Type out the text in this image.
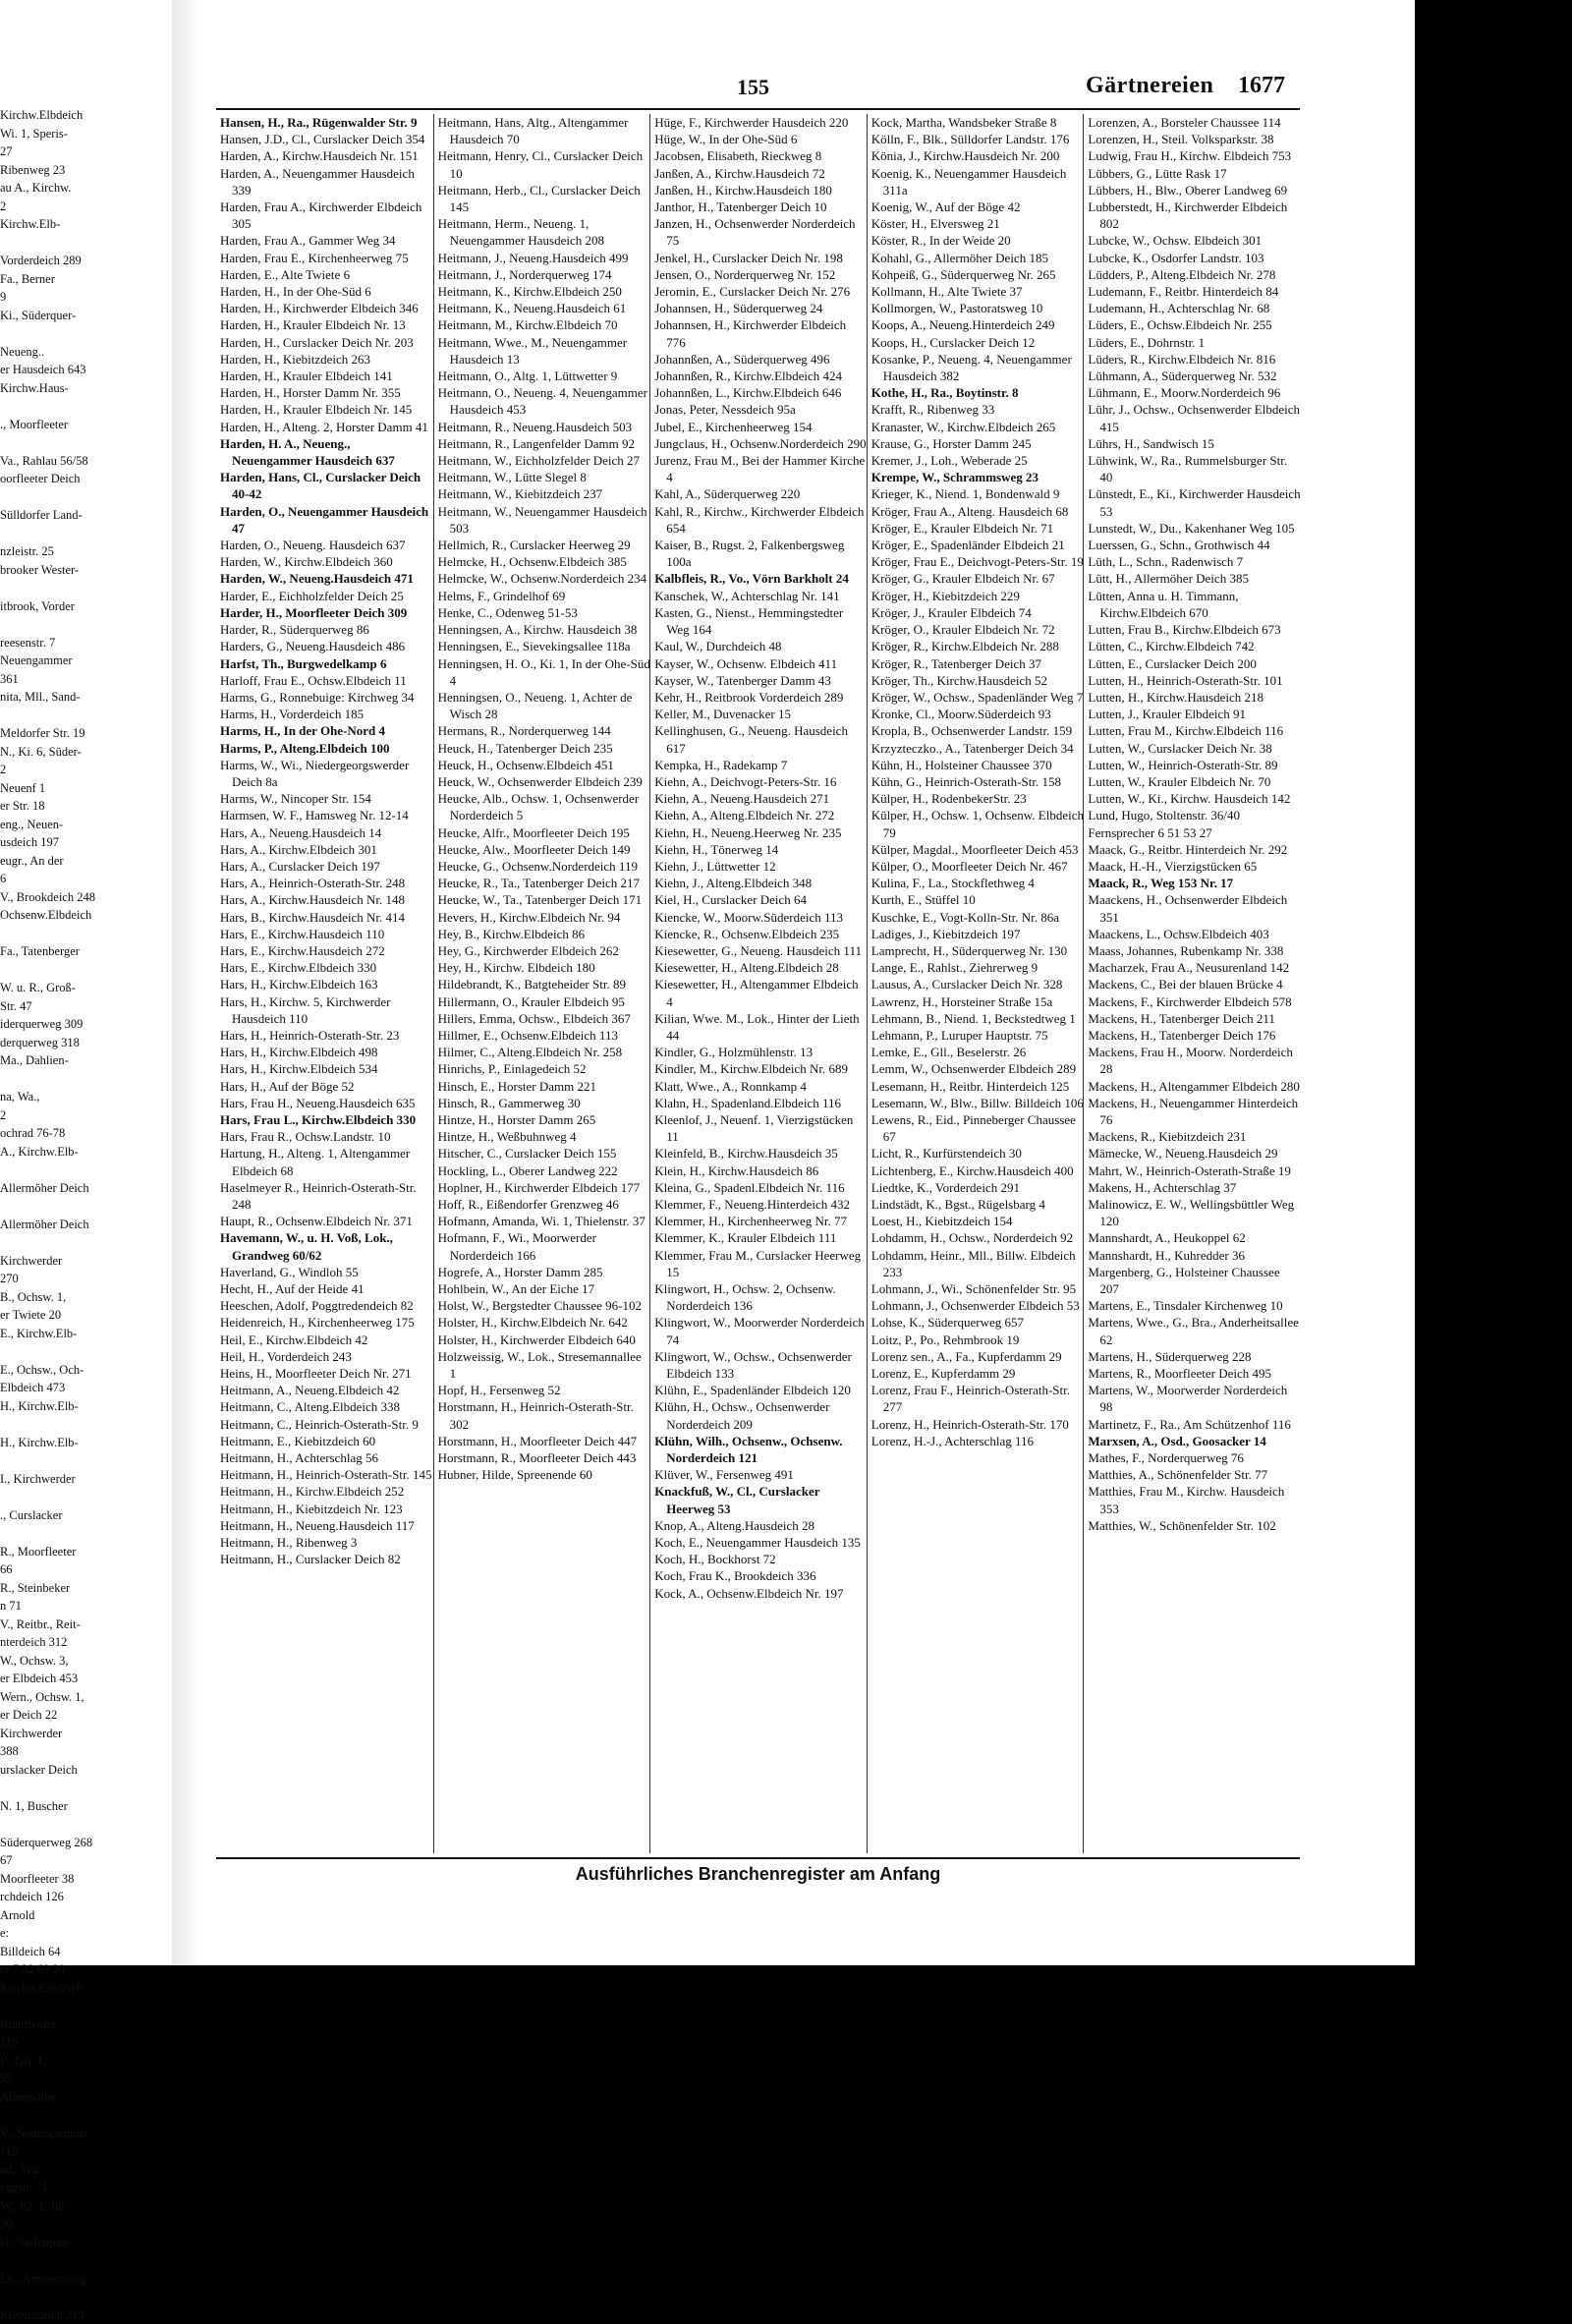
Kirchw.Elbdeich
Wi. 1, Speris-
27
Ribenweg 23
au A., Kirchw.
2
Kirchw.Elb-

Vorderdeich 289
Fa., Berner
9
Ki., Süderquer-

Neueng..
er Hausdeich 643
Kirchw.Haus-

., Moorfleeter

Va., Rahlau 56/58
oorfleeter Deich

Sülldorfer Land-

nzleistr. 25
brooker Wester-

itbrook, Vorder

reesenstr. 7
Neuengammer
361
nita, Mll., Sand-

Meldorfer Str. 19
N., Ki. 6, Süder-
2
Neuenf 1
er Str. 18
eng., Neuen-
usdeich 197
eugr., An der
6
V., Brookdeich 248
Ochsenw.Elbdeich

Fa., Tatenberger

W. u. R., Groß-
Str. 47
iderquerweg 309
derquerweg 318
Ma., Dahlien-

na, Wa.,
2
ochrad 76-78
A., Kirchw.Elb-

Allermöher Deich

Allermöher Deich

Kirchwerder
270
B., Ochsw. 1,
er Twiete 20
E., Kirchw.Elb-

E., Ochsw., Och-
Elbdeich 473
H., Kirchw.Elb-

H., Kirchw.Elb-

I., Kirchwerder

., Curslacker

R., Moorfleeter
66
R., Steinbeker
n 71
V., Reitbr., Reit-
nterdeich 312
W., Ochsw. 3,
er Elbdeich 453
Wern., Ochsw. 1,
er Deich 22
Kirchwerder
388
urslacker Deich

N. 1, Buscher

Süderquerweg 268
67
Moorfleeter 38
rchdeich 126
Arnold
e:
Billdeich 64
er 7 32 69 20
Kirchw.Elbdeich

Bramfelder
119
P., Gll. 1,
55
Allermöher

V., Neuengammer
115
ud., Wa.,
eggstr. 71
W., Ki. 1, Jüt-
30
H., Süderquer-

Lu., Ammernweg

Kiebitzdeich 213
155	Gärtnereien 1677
Hansen, H., Ra., Rügenwalder Str. 9
Hansen, J.D., Cl., Curslacker Deich 354
Harden, A., Kirchw.Hausdeich Nr. 151
Harden, A., Neuengammer Hausdeich 339
Harden, Frau A., Kirchwerder Elbdeich 305
Harden, Frau A., Gammer Weg 34
Harden, Frau E., Kirchenheerweg 75
Harden, E., Alte Twiete 6
Harden, H., In der Ohe-Süd 6
Harden, H., Kirchwerder Elbdeich 346
Harden, H., Krauler Elbdeich Nr. 13
Harden, H., Curslacker Deich Nr. 203
Harden, H., Kiebitzdeich 263
Harden, H., Krauler Elbdeich 141
Harden, H., Horster Damm Nr. 355
Harden, H., Krauler Elbdeich Nr. 145
Harden, H., Alteng. 2, Horster Damm 41
Harden, H. A., Neueng., Neuengammer Hausdeich 637
Harden, Hans, Cl., Curslacker Deich 40-42
Harden, O., Neuengammer Hausdeich 47
Harden, O., Neueng. Hausdeich 637
Harden, W., Kirchw.Elbdeich 360
Harden, W., Neueng.Hausdeich 471
Harder, E., Eichholzfelder Deich 25
Harder, H., Moorfleeter Deich 309
Harder, R., Süderquerweg 86
Harders, G., Neueng.Hausdeich 486
Harfst, Th., Burgwedelkamp 6
Harloff, Frau E., Ochsw.Elbdeich 11
Harms, G., Ronnebuige: Kirchweg 34
Harms, H., Vorderdeich 185
Harms, H., In der Ohe-Nord 4
Harms, P., Alteng.Elbdeich 100
Harms, W., Wi., Niedergeorgswerder Deich 8a
Harms, W., Nincoper Str. 154
Harmsen, W. F., Hamsweg Nr. 12-14
Hars, A., Neueng.Hausdeich 14
Hars, A., Kirchw.Elbdeich 301
Hars, A., Curslacker Deich 197
Hars, A., Heinrich-Osterath-Str. 248
Hars, A., Kirchw.Hausdeich Nr. 148
Hars, B., Kirchw.Hausdeich Nr. 414
Hars, E., Kirchw.Hausdeich 110
Hars, E., Kirchw.Hausdeich 272
Hars, E., Kirchw.Elbdeich 330
Hars, H., Kirchw.Elbdeich 163
Hars, H., Kirchw. 5, Kirchwerder Hausdeich 110
Hars, H., Heinrich-Osterath-Str. 23
Hars, H., Kirchw.Elbdeich 498
Hars, H., Kirchw.Elbdeich 534
Hars, H., Auf der Böge 52
Hars, Frau H., Neueng.Hausdeich 635
Hars, Frau L., Kirchw.Elbdeich 330
Hars, Frau R., Ochsw.Landstr. 10
Hartung, H., Alteng. 1, Altengammer Elbdeich 68
Haselmeyer R., Heinrich-Osterath-Str. 248
Haupt, R., Ochsenw.Elbdeich Nr. 371
Havemann, W., u. H. Voß, Lok., Grandweg 60/62
Haverland, G., Windloh 55
Hecht, H., Auf der Heide 41
Heeschen, Adolf, Poggtredendeich 82
Heidenreich, H., Kirchenheerweg 175
Heil, E., Kirchw.Elbdeich 42
Heil, H., Vorderdeich 243
Heins, H., Moorfleeter Deich Nr. 271
Heitmann, A., Neueng.Elbdeich 42
Heitmann, C., Alteng.Elbdeich 338
Heitmann, C., Heinrich-Osterath-Str. 9
Heitmann, E., Kiebitzdeich 60
Heitmann, H., Achterschlag 56
Heitmann, H., Heinrich-Osterath-Str. 145
Heitmann, H., Kirchw.Elbdeich 252
Heitmann, H., Kiebitzdeich Nr. 123
Heitmann, H., Neueng.Hausdeich 117
Heitmann, H., Ribenweg 3
Heitmann, H., Curslacker Deich 82
Heitmann, Hans, Altg., Altengammer Hausdeich 70
Heitmann, Henry, Cl., Curslacker Deich 10
Heitmann, Herb., Cl., Curslacker Deich 145
Heitmann, Herm., Neueng. 1, Neuengammer Hausdeich 208
Heitmann, J., Neueng.Hausdeich 499
Heitmann, J., Norderquerweg 174
Heitmann, K., Kirchw.Elbdeich 250
Heitmann, K., Neueng.Hausdeich 61
Heitmann, M., Kirchw.Elbdeich 70
Heitmann, Wwe., M., Neuengammer Hausdeich 13
Heitmann, O., Altg. 1, Lüttwetter 9
Heitmann, O., Neueng. 4, Neuengammer Hausdeich 453
Heitmann, R., Neueng.Hausdeich 503
Heitmann, R., Langenfelder Damm 92
Heitmann, W., Eichholzfelder Deich 27
Heitmann, W., Lütte Slegel 8
Heitmann, W., Kiebitzdeich 237
Heitmann, W., Neuengammer Hausdeich 503
Hellmich, R., Curslacker Heerweg 29
Helmcke, H., Ochsenw.Elbdeich 385
Helmcke, W., Ochsenw.Norderdeich 234
Helms, F., Grindelhof 69
Henke, C., Odenweg 51-53
Henningsen, A., Kirchw. Hausdeich 38
Henningsen, E., Sievekingsallee 118a
Henningsen, H. O., Ki. 1, In der Ohe-Süd 4
Henningsen, O., Neueng. 1, Achter de Wisch 28
Hermans, R., Norderquerweg 144
Heuck, H., Tatenberger Deich 235
Heuck, H., Ochsenw.Elbdeich 451
Heuck, W., Ochsenwerder Elbdeich 239
Heucke, Alb., Ochsw. 1, Ochsenwerder Norderdeich 5
Heucke, Alfr., Moorfleeter Deich 195
Heucke, Alw., Moorfleeter Deich 149
Heucke, G., Ochsenw.Norderdeich 119
Heucke, R., Ta., Tatenberger Deich 217
Heucke, W., Ta., Tatenberger Deich 171
Hevers, H., Kirchw.Elbdeich Nr. 94
Hey, B., Kirchw.Elbdeich 86
Hey, G., Kirchwerder Elbdeich 262
Hey, H., Kirchw. Elbdeich 180
Hildebrandt, K., Batgteheider Str. 89
Hillermann, O., Krauler Elbdeich 95
Hillers, Emma, Ochsw., Elbdeich 367
Hillmer, E., Ochsenw.Elbdeich 113
Hilmer, C., Alteng.Elbdeich Nr. 258
Hinrichs, P., Einlagedeich 52
Hinsch, E., Horster Damm 221
Hinsch, R., Gammerweg 30
Hintze, H., Horster Damm 265
Hintze, H., Weßbuhnweg 4
Hitscher, C., Curslacker Deich 155
Hockling, L., Oberer Landweg 222
Hoplner, H., Kirchwerder Elbdeich 177
Hoff, R., Eißendorfer Grenzweg 46
Hofmann, Amanda, Wi. 1, Thielenstr. 37
Hofmann, F., Wi., Moorwerder Norderdeich 166
Hogrefe, A., Horster Damm 285
Hohlbein, W., An der Eiche 17
Holst, W., Bergstedter Chaussee 96-102
Holster, H., Kirchw.Elbdeich Nr. 642
Holster, H., Kirchwerder Elbdeich 640
Holzweissig, W., Lok., Stresemannallee 1
Hopf, H., Fersenweg 52
Horstmann, H., Heinrich-Osterath-Str. 302
Horstmann, H., Moorfleeter Deich 447
Horstmann, R., Moorfleeter Deich 443
Hubner, Hilde, Spreenende 60
Hüge, F., Kirchwerder Hausdeich 220
Hüge, W., In der Ohe-Süd 6
Jacobsen, Elisabeth, Rieckweg 8
Janßen, A., Kirchw.Hausdeich 72
Janßen, H., Kirchw.Hausdeich 180
Janthor, H., Tatenberger Deich 10
Janzen, H., Ochsenwerder Norderdeich 75
Jenkel, H., Curslacker Deich Nr. 198
Jensen, O., Norderquerweg Nr. 152
Jeromin, E., Curslacker Deich Nr. 276
Johannsen, H., Süderquerweg 24
Johannsen, H., Kirchwerder Elbdeich 776
Johannßen, A., Süderquerweg 496
Johannßen, R., Kirchw.Elbdeich 424
Johannßen, L., Kirchw.Elbdeich 646
Jonas, Peter, Nessdeich 95a
Jubel, E., Kirchenheerweg 154
Jungclaus, H., Ochsenw.Norderdeich 290
Jurenz, Frau M., Bei der Hammer Kirche 4
Kahl, A., Süderquerweg 220
Kahl, R., Kirchw., Kirchwerder Elbdeich 654
Kaiser, B., Rugst. 2, Falkenbergsweg 100a
Kalbfleis, R., Vo., Vörn Barkholt 24
Kanschek, W., Achterschlag Nr. 141
Kasten, G., Nienst., Hemmingstedter Weg 164
Kaul, W., Durchdeich 48
Kayser, W., Ochsenw. Elbdeich 411
Kayser, W., Tatenberger Damm 43
Kehr, H., Reitbrook Vorderdeich 289
Keller, M., Duvenacker 15
Kellinghusen, G., Neueng. Hausdeich 617
Kempka, H., Radekamp 7
Kiehn, A., Deichvogt-Peters-Str. 16
Kiehn, A., Neueng.Hausdeich 271
Kiehn, A., Alteng.Elbdeich Nr. 272
Kiehn, H., Neueng.Heerweg Nr. 235
Kiehn, H., Tönerweg 14
Kiehn, J., Lüttwetter 12
Kiehn, J., Alteng.Elbdeich 348
Kiel, H., Curslacker Deich 64
Kiencke, W., Moorw.Süderdeich 113
Kiencke, R., Ochsenw.Elbdeich 235
Kiesewetter, G., Neueng. Hausdeich 111
Kiesewetter, H., Alteng.Elbdeich 28
Kiesewetter, H., Altengammer Elbdeich 4
Kilian, Wwe. M., Lok., Hinter der Lieth 44
Kindler, G., Holzmühlenstr. 13
Kindler, M., Kirchw.Elbdeich Nr. 689
Klatt, Wwe., A., Ronnkamp 4
Klahn, H., Spadenland.Elbdeich 116
Kleenlof, J., Neuenf. 1, Vierzigstücken 11
Kleinfeld, B., Kirchw.Hausdeich 35
Klein, H., Kirchw.Hausdeich 86
Kleina, G., Spadenl.Elbdeich Nr. 116
Klemmer, F., Neueng.Hinterdeich 432
Klemmer, H., Kirchenheerweg Nr. 77
Klemmer, K., Krauler Elbdeich 111
Klemmer, Frau M., Curslacker Heerweg 15
Klingwort, H., Ochsw. 2, Ochsenw. Norderdeich 136
Klingwort, W., Moorwerder Norderdeich 74
Klingwort, W., Ochsw., Ochsenwerder Elbdeich 133
Klühn, E., Spadenländer Elbdeich 120
Klühn, H., Ochsw., Ochsenwerder Norderdeich 209
Klühn, Wilh., Ochsenw., Ochsenw. Norderdeich 121
Klüver, W., Fersenweg 491
Knackfuß, W., Cl., Curslacker Heerweg 53
Knop, A., Alteng.Hausdeich 28
Koch, E., Neuengammer Hausdeich 135
Koch, H., Bockhorst 72
Koch, Frau K., Brookdeich 336
Kock, A., Ochsenw.Elbdeich Nr. 197
Kock, Martha, Wandsbeker Straße 8
Kölln, F., Blk., Sülldorfer Landstr. 176
Könia, J., Kirchw.Hausdeich Nr. 200
Koenig, K., Neuengammer Hausdeich 311a
Koenig, W., Auf der Böge 42
Köster, H., Elversweg 21
Köster, R., In der Weide 20
Kohahl, G., Allermöher Deich 185
Kohpeiß, G., Süderquerweg Nr. 265
Kollmann, H., Alte Twiete 37
Kollmorgen, W., Pastoratsweg 10
Koops, A., Neueng.Hinterdeich 249
Koops, H., Curslacker Deich 12
Kosanke, P., Neueng. 4, Neuengammer Hausdeich 382
Kothe, H., Ra., Boytinstr. 8
Krafft, R., Ribenweg 33
Kranaster, W., Kirchw.Elbdeich 265
Krause, G., Horster Damm 245
Kremer, J., Loh., Weberade 25
Krempe, W., Schrammsweg 23
Krieger, K., Niend. 1, Bondenwald 9
Kröger, Frau A., Alteng. Hausdeich 68
Kröger, E., Krauler Elbdeich Nr. 71
Kröger, E., Spadenländer Elbdeich 21
Kröger, Frau E., Deichvogt-Peters-Str. 19
Kröger, G., Krauler Elbdeich Nr. 67
Kröger, H., Kiebitzdeich 229
Kröger, J., Krauler Elbdeich 74
Kröger, O., Krauler Elbdeich Nr. 72
Kröger, R., Kirchw.Elbdeich Nr. 288
Kröger, R., Tatenberger Deich 37
Kröger, Th., Kirchw.Hausdeich 52
Kröger, W., Ochsw., Spadenländer Weg 7
Kronke, Cl., Moorw.Süderdeich 93
Kropla, B., Ochsenwerder Landstr. 159
Krzyzteczko., A., Tatenberger Deich 34
Kühn, H., Holsteiner Chaussee 370
Kühn, G., Heinrich-Osterath-Str. 158
Külper, H., RodenbekerStr. 23
Külper, H., Ochsw. 1, Ochsenw. Elbdeich 79
Külper, Magdal., Moorfleeter Deich 453
Külper, O., Moorfleeter Deich Nr. 467
Kulina, F., La., Stockflethweg 4
Kurth, E., Stüffel 10
Kuschke, E., Vogt-Kolln-Str. Nr. 86a
Ladiges, J., Kiebitzdeich 197
Lamprecht, H., Süderquerweg Nr. 130
Lange, E., Rahlst., Ziehrerweg 9
Lausus, A., Curslacker Deich Nr. 328
Lawrenz, H., Horsteiner Straße 15a
Lehmann, B., Niend. 1, Beckstedtweg 1
Lehmann, P., Luruper Hauptstr. 75
Lemke, E., Gll., Beselerstr. 26
Lemm, W., Ochsenwerder Elbdeich 289
Lesemann, H., Reitbr. Hinterdeich 125
Lesemann, W., Blw., Billw. Billdeich 106
Lewens, R., Eid., Pinneberger Chaussee 67
Licht, R., Kurfürstendeich 30
Lichtenberg, E., Kirchw.Hausdeich 400
Liedtke, K., Vorderdeich 291
Lindstädt, K., Bgst., Rügelsbarg 4
Loest, H., Kiebitzdeich 154
Lohdamm, H., Ochsw., Norderdeich 92
Lohdamm, Heinr., Mll., Billw. Elbdeich 233
Lohmann, J., Wi., Schönenfelder Str. 95
Lohmann, J., Ochsenwerder Elbdeich 53
Lohse, K., Süderquerweg 657
Loitz, P., Po., Rehmbrook 19
Lorenz sen., A., Fa., Kupferdamm 29
Lorenz, E., Kupferdamm 29
Lorenz, Frau F., Heinrich-Osterath-Str. 277
Lorenz, H., Heinrich-Osterath-Str. 170
Lorenz, H.-J., Achterschlag 116
Lorenzen, A., Borsteler Chaussee 114
Lorenzen, H., Steil. Volksparkstr. 38
Ludwig, Frau H., Kirchw. Elbdeich 753
Lübbers, G., Lütte Rask 17
Lübbers, H., Blw., Oberer Landweg 69
Lubberstedt, H., Kirchwerder Elbdeich 802
Lubcke, W., Ochsw. Elbdeich 301
Lubcke, K., Osdorfer Landstr. 103
Lüdders, P., Alteng.Elbdeich Nr. 278
Ludemann, F., Reitbr. Hinterdeich 84
Ludemann, H., Achterschlag Nr. 68
Lüders, E., Ochsw.Elbdeich Nr. 255
Lüders, E., Dohrnstr. 1
Lüders, R., Kirchw.Elbdeich Nr. 816
Lühmann, A., Süderquerweg Nr. 532
Lühmann, E., Moorw.Norderdeich 96
Lühr, J., Ochsw., Ochsenwerder Elbdeich 415
Lührs, H., Sandwisch 15
Lühwink, W., Ra., Rummelsburger Str. 40
Lünstedt, E., Ki., Kirchwerder Hausdeich 53
Lunstedt, W., Du., Kakenhaner Weg 105
Luerssen, G., Schn., Grothwisch 44
Lüth, L., Schn., Radenwisch 7
Lütt, H., Allermöher Deich 385
Lütten, Anna u. H. Timmann, Kirchw.Elbdeich 670
Lutten, Frau B., Kirchw.Elbdeich 673
Lütten, C., Kirchw.Elbdeich 742
Lütten, E., Curslacker Deich 200
Lutten, H., Heinrich-Osterath-Str. 101
Lutten, H., Kirchw.Hausdeich 218
Lutten, J., Krauler Elbdeich 91
Lutten, Frau M., Kirchw.Elbdeich 116
Lutten, W., Curslacker Deich Nr. 38
Lutten, W., Heinrich-Osterath-Str. 89
Lutten, W., Krauler Elbdeich Nr. 70
Lutten, W., Ki., Kirchw. Hausdeich 142
Lund, Hugo, Stoltenstr. 36/40
Fernsprecher 6 51 53 27
Maack, G., Reitbr. Hinterdeich Nr. 292
Maack, H.-H., Vierzigstücken 65
Maack, R., Weg 153 Nr. 17
Maackens, H., Ochsenwerder Elbdeich 351
Maackens, L., Ochsw.Elbdeich 403
Maass, Johannes, Rubenkamp Nr. 338
Macharzek, Frau A., Neusurenland 142
Mackens, C., Bei der blauen Brücke 4
Mackens, F., Kirchwerder Elbdeich 578
Mackens, H., Tatenberger Deich 211
Mackens, H., Tatenberger Deich 176
Mackens, Frau H., Moorw. Norderdeich 28
Mackens, H., Altengammer Elbdeich 280
Mackens, H., Neuengammer Hinterdeich 76
Mackens, R., Kiebitzdeich 231
Mämecke, W., Neueng.Hausdeich 29
Mahrt, W., Heinrich-Osterath-Straße 19
Makens, H., Achterschlag 37
Malinowicz, E. W., Wellingsbüttler Weg 120
Mannshardt, A., Heukoppel 62
Mannshardt, H., Kuhredder 36
Margenberg, G., Holsteiner Chaussee 207
Martens, E., Tinsdaler Kirchenweg 10
Martens, Wwe., G., Bra., Anderheitsallee 62
Martens, H., Süderquerweg 228
Martens, R., Moorfleeter Deich 495
Martens, W., Moorwerder Norderdeich 98
Martinetz, F., Ra., Am Schützenhof 116
Marxsen, A., Osd., Goosacker 14
Mathes, F., Norderquerweg 76
Matthies, A., Schönenfelder Str. 77
Matthies, Frau M., Kirchw. Hausdeich 353
Matthies, W., Schönenfelder Str. 102
Ausführliches Branchenregister am Anfang
